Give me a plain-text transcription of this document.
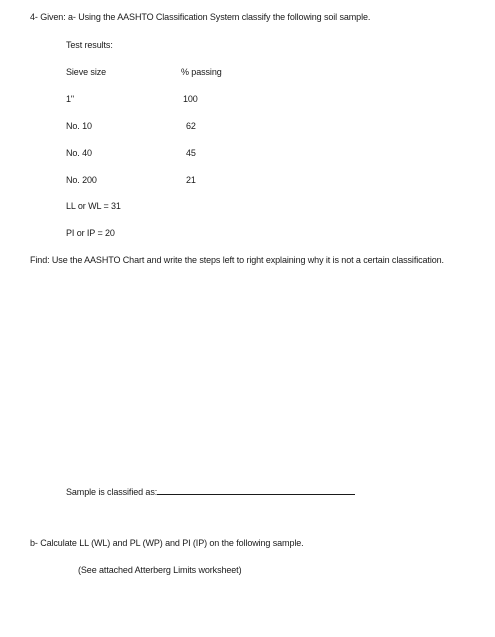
4- Given: a- Using the AASHTO Classification System classify the following soil sample.
Test results:
Sieve size	% passing
1"	100
No. 10	62
No. 40	45
No. 200	21
LL or WL = 31
PI or IP = 20
Find: Use the AASHTO Chart and write the steps left to right explaining why it is not a certain classification.
Sample is classified as:
b- Calculate LL (WL) and PL (WP) and PI (IP) on the following sample.
(See attached Atterberg Limits worksheet)
